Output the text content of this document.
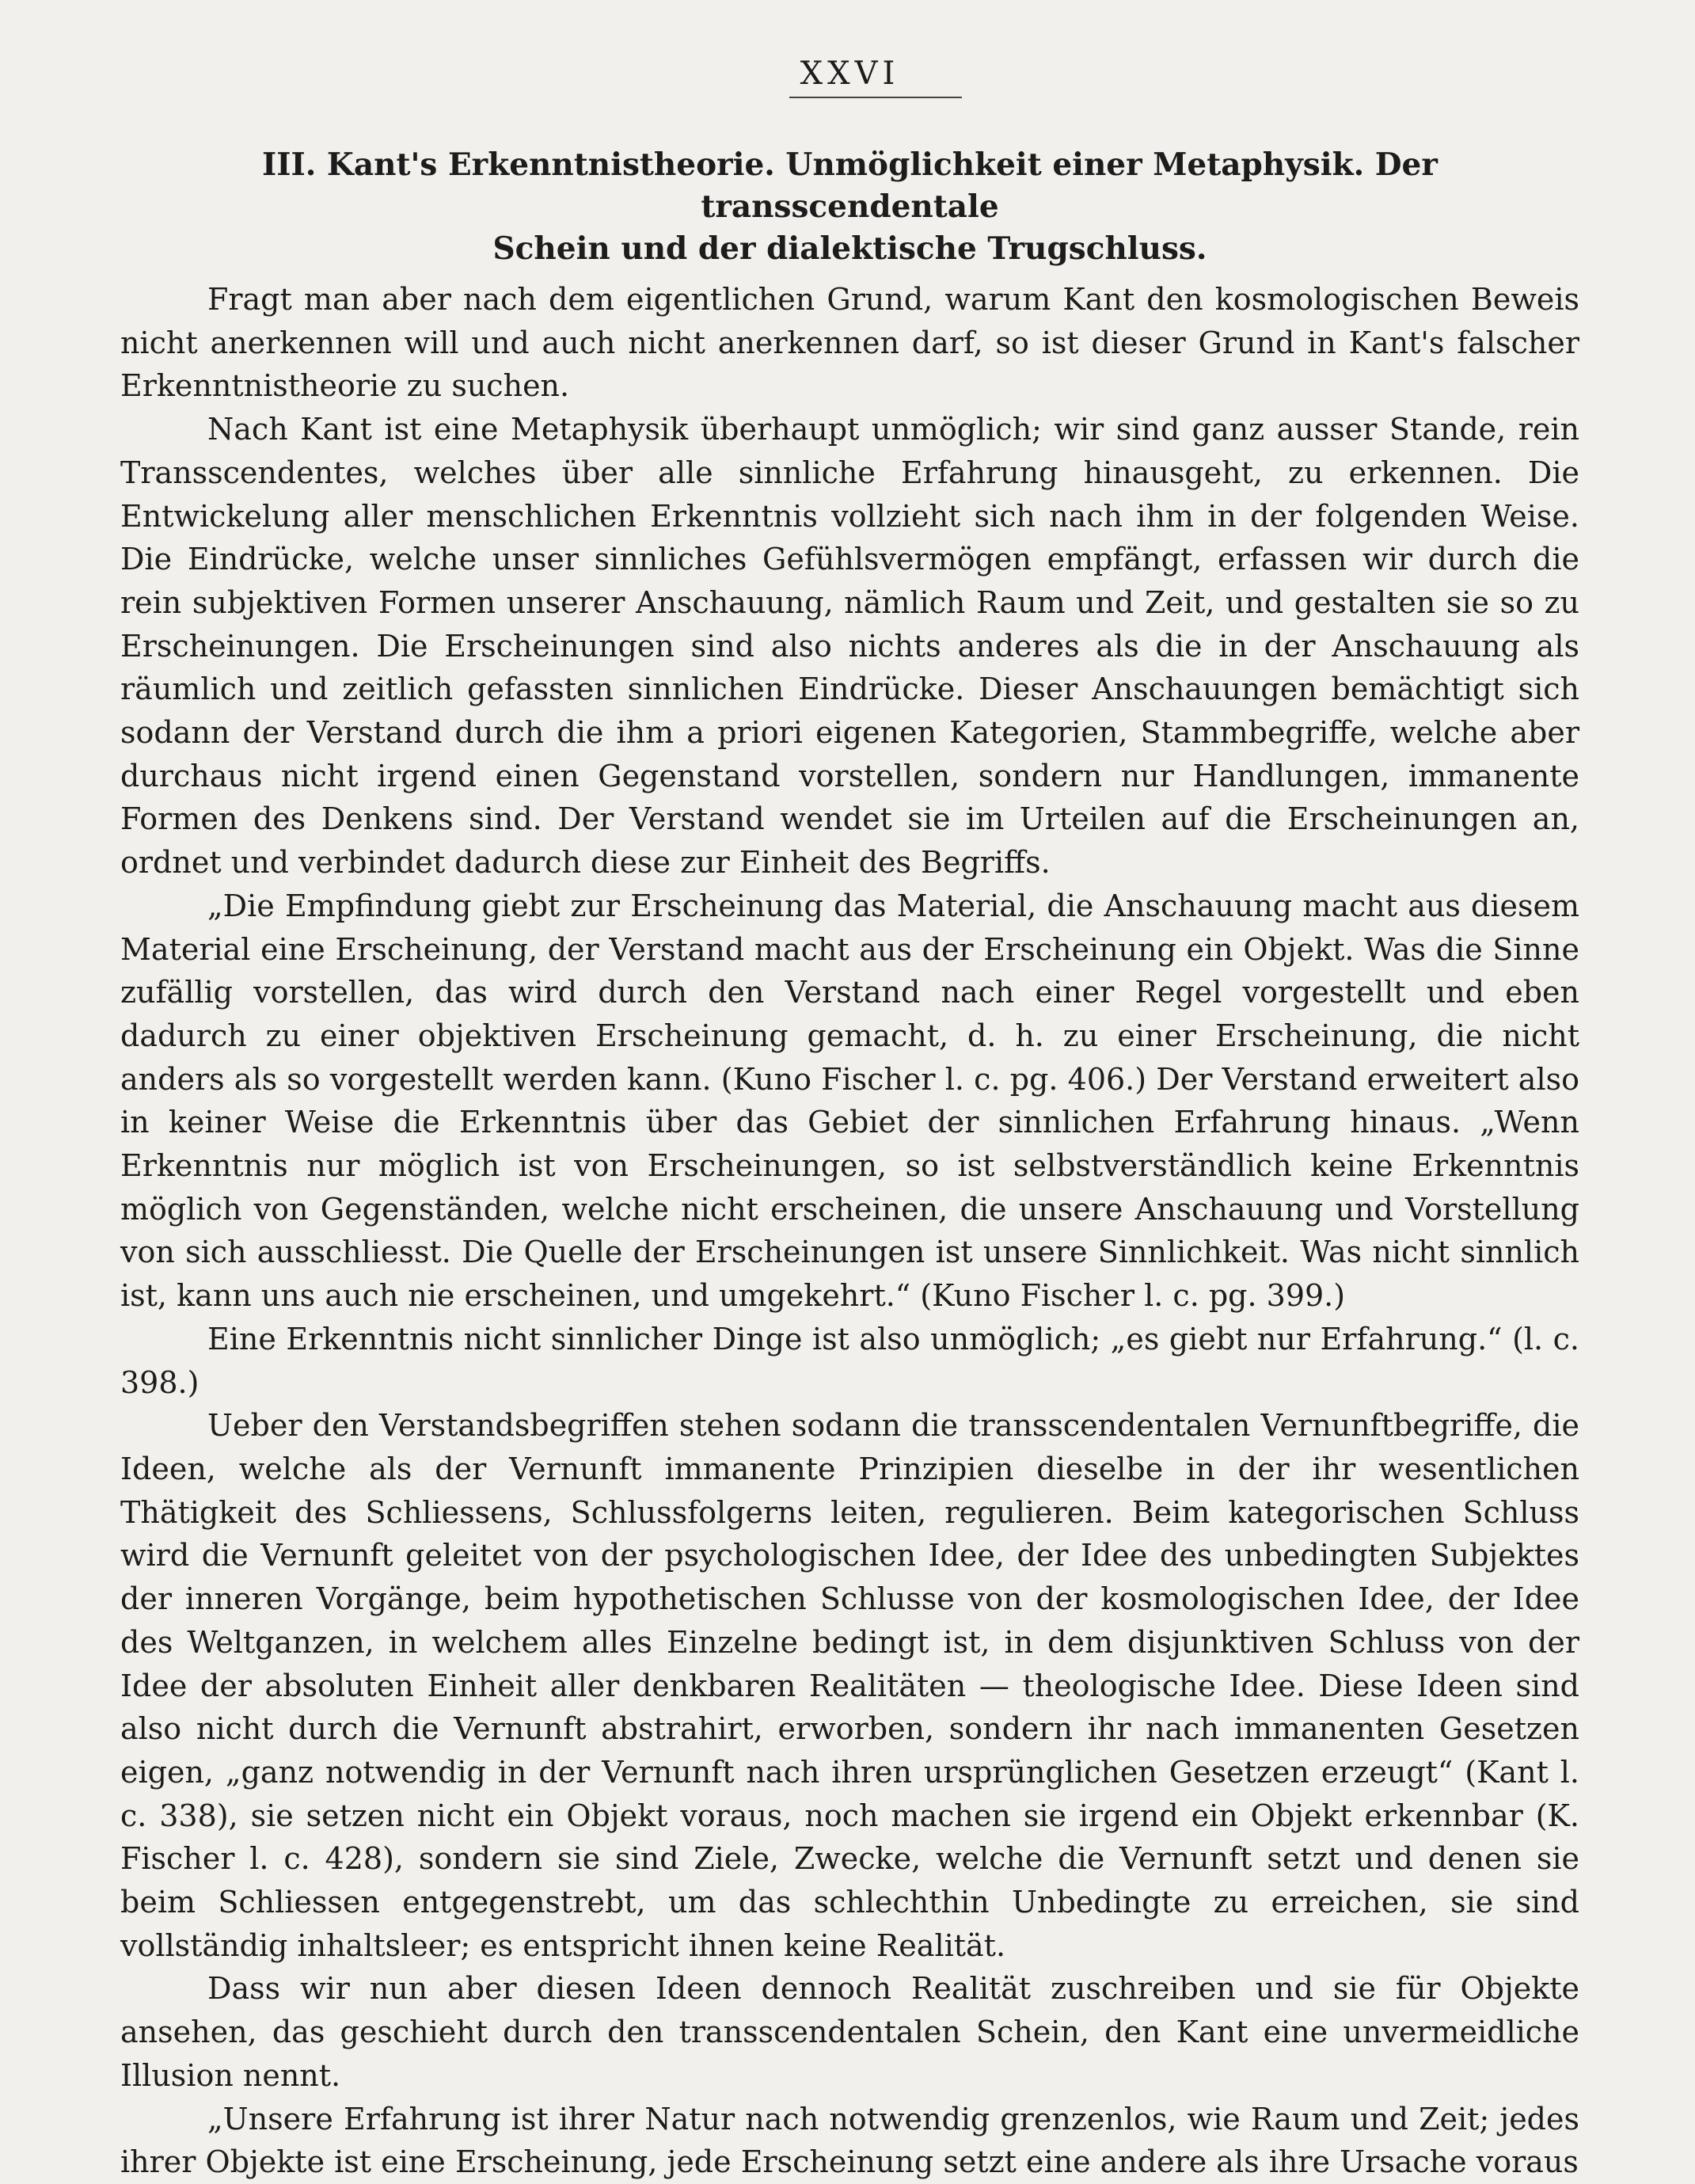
XXVI
III. Kant's Erkenntnistheorie. Unmöglichkeit einer Metaphysik. Der transscendentale
Schein und der dialektische Trugschluss.

Fragt man aber nach dem eigentlichen Grund, warum Kant den kosmologischen Beweis nicht anerkennen will und auch nicht anerkennen darf, so ist dieser Grund in Kant's falscher Erkenntnistheorie zu suchen.

Nach Kant ist eine Metaphysik überhaupt unmöglich; wir sind ganz ausser Stande, rein Transscendentes, welches über alle sinnliche Erfahrung hinausgeht, zu erkennen. Die Entwickelung aller menschlichen Erkenntnis vollzieht sich nach ihm in der folgenden Weise. Die Eindrücke, welche unser sinnliches Gefühlsvermögen empfängt, erfassen wir durch die rein subjektiven Formen unserer Anschauung, nämlich Raum und Zeit, und gestalten sie so zu Erscheinungen. Die Erscheinungen sind also nichts anderes als die in der Anschauung als räumlich und zeitlich gefassten sinnlichen Eindrücke. Dieser Anschauungen bemächtigt sich sodann der Verstand durch die ihm a priori eigenen Kategorien, Stammbegriffe, welche aber durchaus nicht irgend einen Gegenstand vorstellen, sondern nur Handlungen, immanente Formen des Denkens sind. Der Verstand wendet sie im Urteilen auf die Erscheinungen an, ordnet und verbindet dadurch diese zur Einheit des Begriffs.

„Die Empfindung giebt zur Erscheinung das Material, die Anschauung macht aus diesem Material eine Erscheinung, der Verstand macht aus der Erscheinung ein Objekt. Was die Sinne zufällig vorstellen, das wird durch den Verstand nach einer Regel vorgestellt und eben dadurch zu einer objektiven Erscheinung gemacht, d. h. zu einer Erscheinung, die nicht anders als so vorgestellt werden kann. (Kuno Fischer l. c. pg. 406.) Der Verstand erweitert also in keiner Weise die Erkenntnis über das Gebiet der sinnlichen Erfahrung hinaus. „Wenn Erkenntnis nur möglich ist von Erscheinungen, so ist selbstverständlich keine Erkenntnis möglich von Gegenständen, welche nicht erscheinen, die unsere Anschauung und Vorstellung von sich ausschliesst. Die Quelle der Erscheinungen ist unsere Sinnlichkeit. Was nicht sinnlich ist, kann uns auch nie erscheinen, und umgekehrt.“ (Kuno Fischer l. c. pg. 399.)

Eine Erkenntnis nicht sinnlicher Dinge ist also unmöglich; „es giebt nur Erfahrung.“ (l. c. 398.)

Ueber den Verstandsbegriffen stehen sodann die transscendentalen Vernunftbegriffe, die Ideen, welche als der Vernunft immanente Prinzipien dieselbe in der ihr wesentlichen Thätigkeit des Schliessens, Schlussfolgerns leiten, regulieren. Beim kategorischen Schluss wird die Vernunft geleitet von der psychologischen Idee, der Idee des unbedingten Subjektes der inneren Vorgänge, beim hypothetischen Schlusse von der kosmologischen Idee, der Idee des Weltganzen, in welchem alles Einzelne bedingt ist, in dem disjunktiven Schluss von der Idee der absoluten Einheit aller denkbaren Realitäten — theologische Idee. Diese Ideen sind also nicht durch die Vernunft abstrahirt, erworben, sondern ihr nach immanenten Gesetzen eigen, „ganz notwendig in der Vernunft nach ihren ursprünglichen Gesetzen erzeugt“ (Kant l. c. 338), sie setzen nicht ein Objekt voraus, noch machen sie irgend ein Objekt erkennbar (K. Fischer l. c. 428), sondern sie sind Ziele, Zwecke, welche die Vernunft setzt und denen sie beim Schliessen entgegenstrebt, um das schlechthin Unbedingte zu erreichen, sie sind vollständig inhaltsleer; es entspricht ihnen keine Realität.

Dass wir nun aber diesen Ideen dennoch Realität zuschreiben und sie für Objekte ansehen, das geschieht durch den transscendentalen Schein, den Kant eine unvermeidliche Illusion nennt.

„Unsere Erfahrung ist ihrer Natur nach notwendig grenzenlos, wie Raum und Zeit; jedes ihrer Objekte ist eine Erscheinung, jede Erscheinung setzt eine andere als ihre Ursache voraus
